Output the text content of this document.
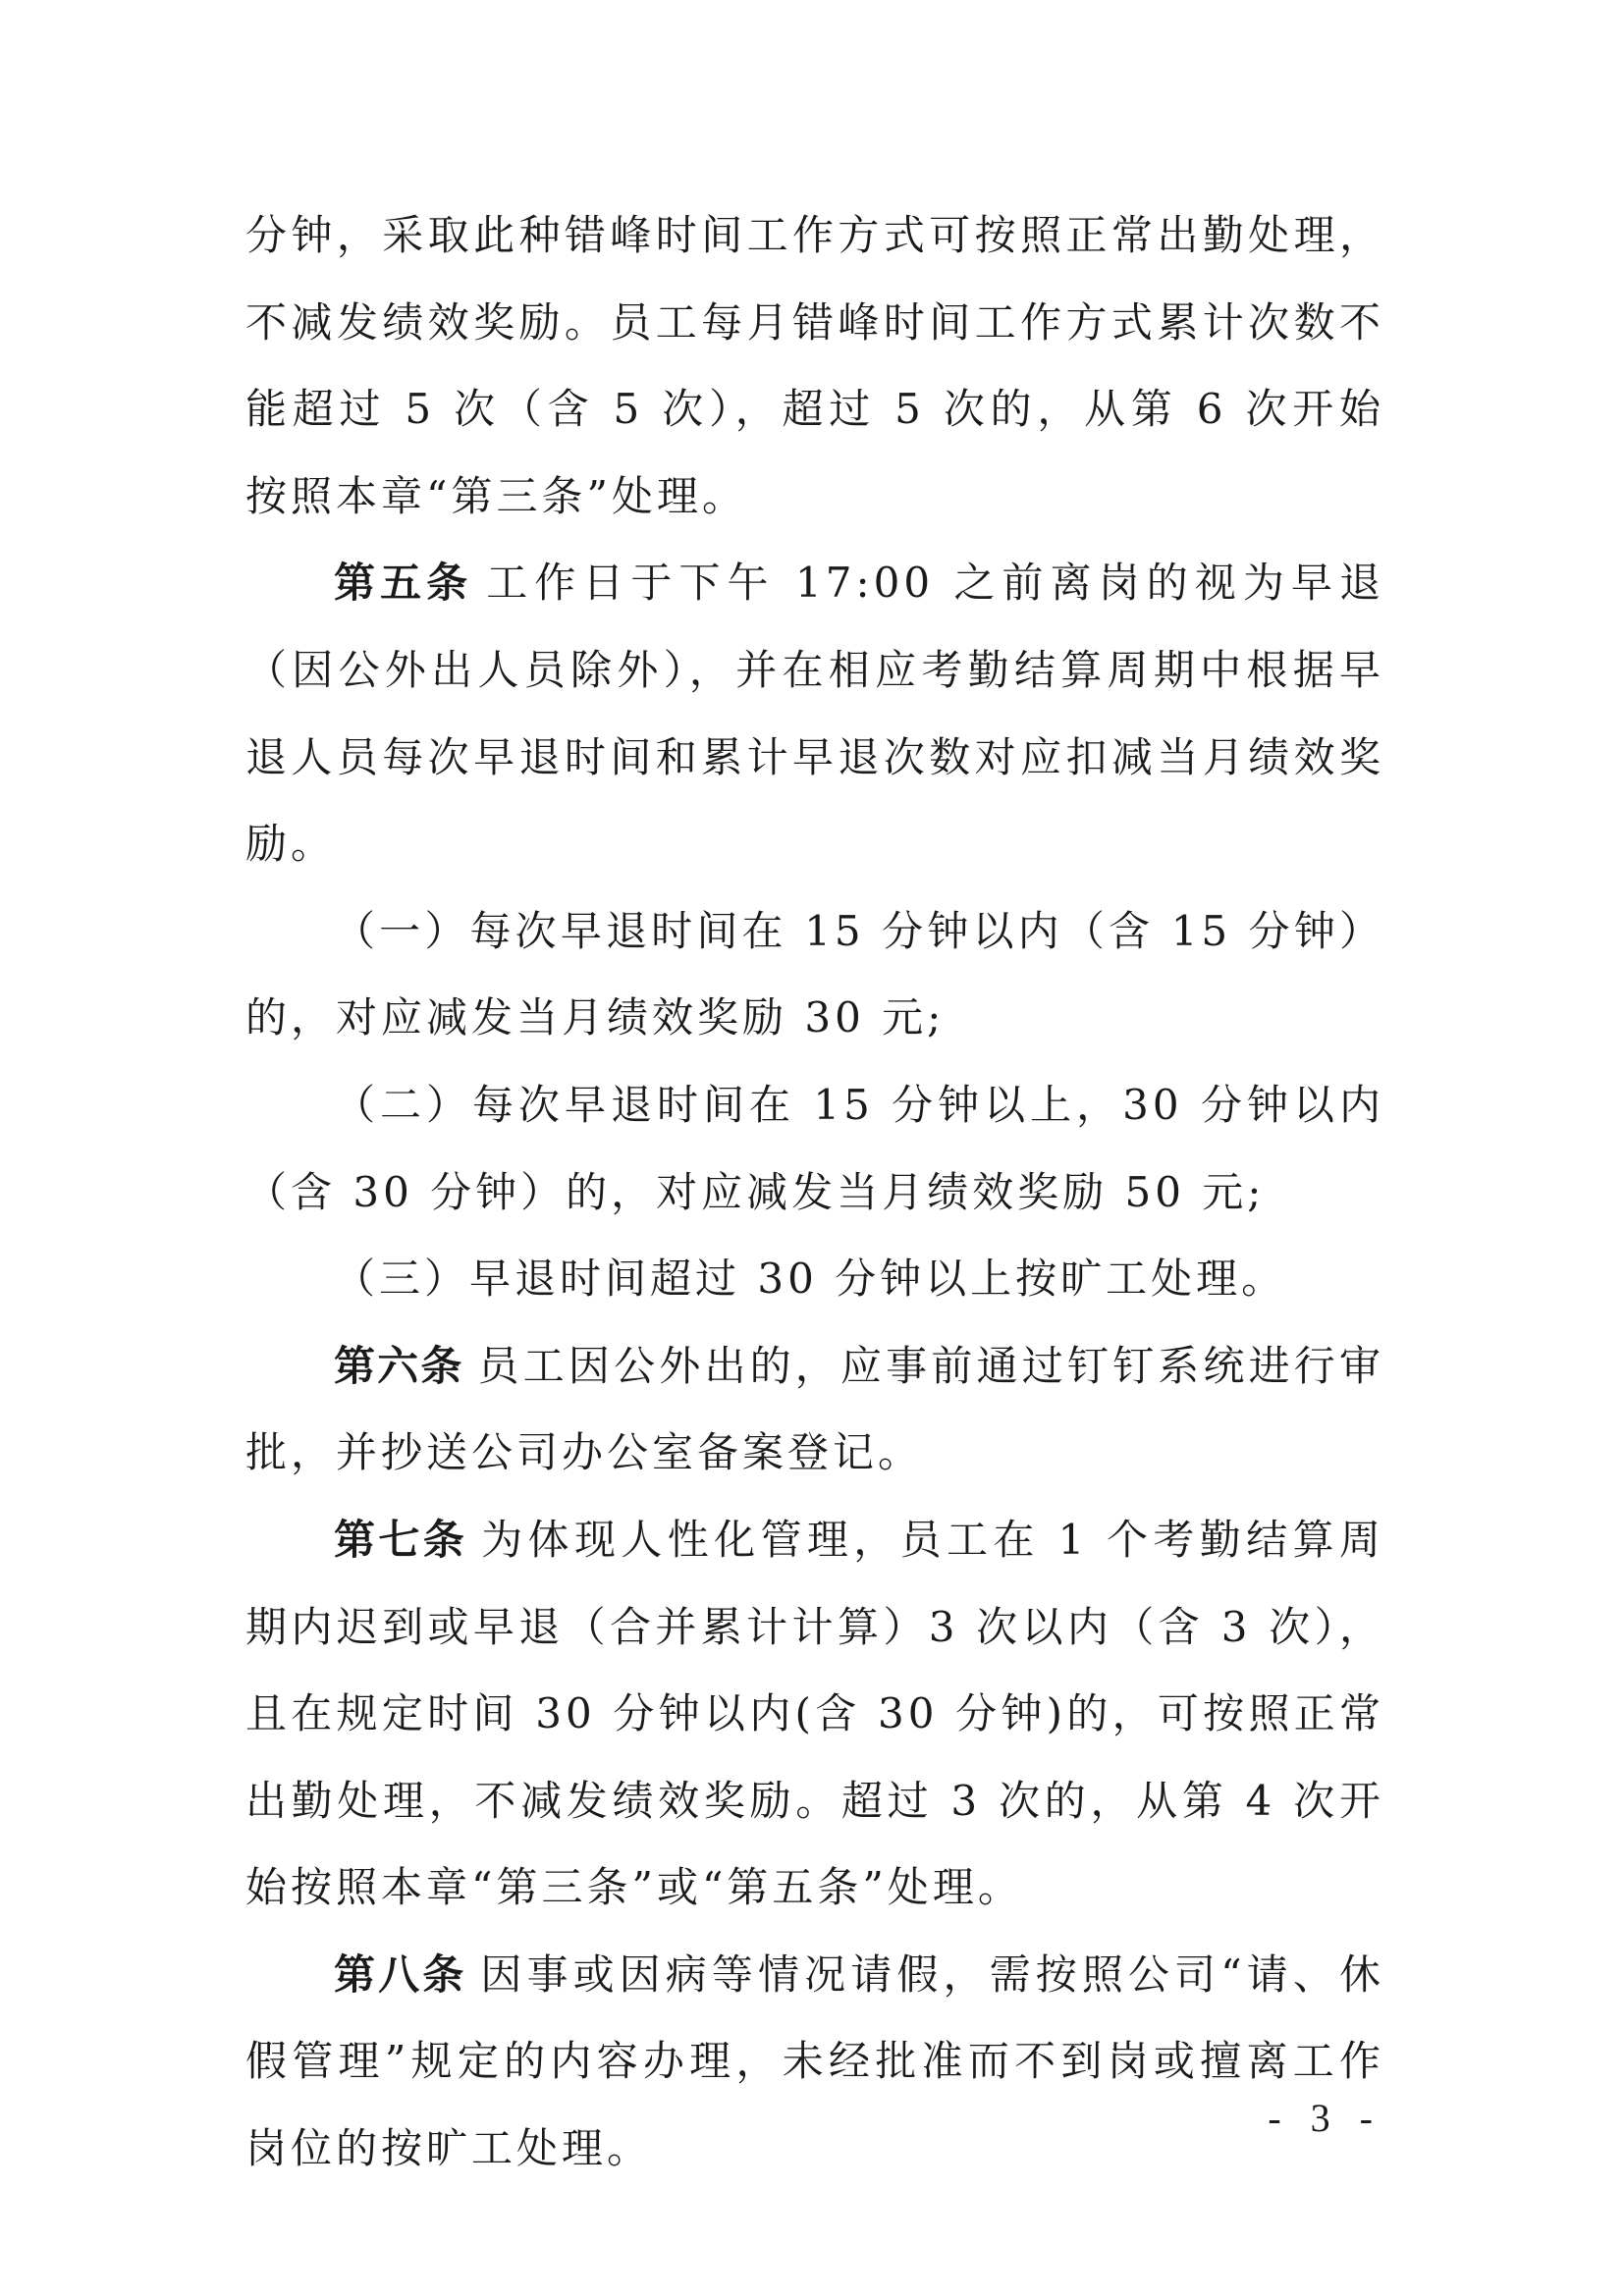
分钟，采取此种错峰时间工作方式可按照正常出勤处理，不减发绩效奖励。员工每月错峰时间工作方式累计次数不能超过 5 次（含 5 次），超过 5 次的，从第 6 次开始按照本章“第三条”处理。

第五条 工作日于下午 17:00 之前离岗的视为早退（因公外出人员除外），并在相应考勤结算周期中根据早退人员每次早退时间和累计早退次数对应扣减当月绩效奖励。

（一）每次早退时间在 15 分钟以内（含 15 分钟）的，对应减发当月绩效奖励 30 元;

（二）每次早退时间在 15 分钟以上，30 分钟以内（含 30 分钟）的，对应减发当月绩效奖励 50 元;

（三）早退时间超过 30 分钟以上按旷工处理。

第六条 员工因公外出的，应事前通过钉钉系统进行审批，并抄送公司办公室备案登记。

第七条 为体现人性化管理，员工在 1 个考勤结算周期内迟到或早退（合并累计计算）3 次以内（含 3 次），且在规定时间 30 分钟以内(含 30 分钟)的，可按照正常出勤处理，不减发绩效奖励。超过 3 次的，从第 4 次开始按照本章“第三条”或“第五条”处理。

第八条 因事或因病等情况请假，需按照公司“请、休假管理”规定的内容办理，未经批准而不到岗或擅离工作岗位的按旷工处理。

- 3 -
